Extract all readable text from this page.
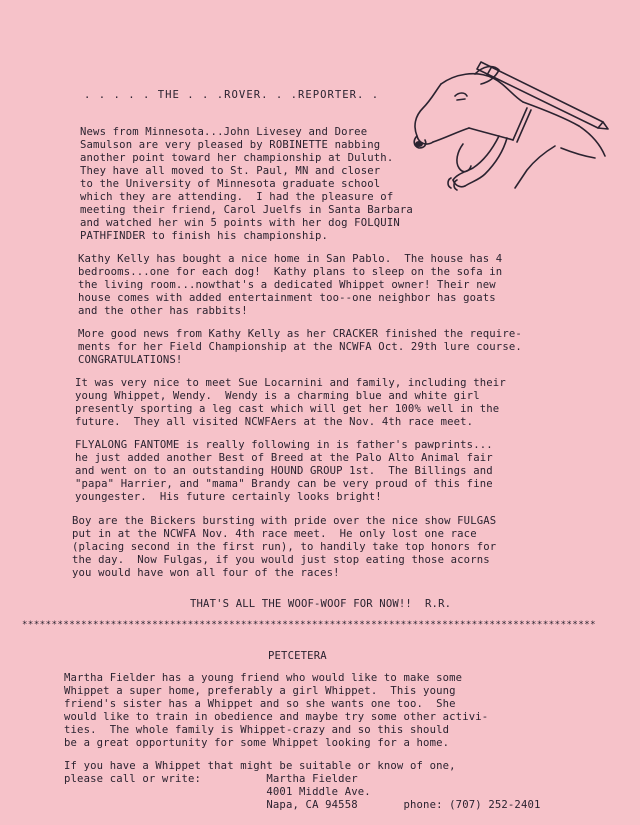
. . . . . THE . . .ROVER. . .REPORTER. .
News from Minnesota...John Livesey and Doree
Samulson are very pleased by ROBINETTE nabbing
another point toward her championship at Duluth.
They have all moved to St. Paul, MN and closer
to the University of Minnesota graduate school
which they are attending.  I had the pleasure of
meeting their friend, Carol Juelfs in Santa Barbara
and watched her win 5 points with her dog FOLQUIN
PATHFINDER to finish his championship.
Kathy Kelly has bought a nice home in San Pablo.  The house has 4
bedrooms...one for each dog!  Kathy plans to sleep on the sofa in
the living room...nowthat's a dedicated Whippet owner! Their new
house comes with added entertainment too--one neighbor has goats
and the other has rabbits!
More good news from Kathy Kelly as her CRACKER finished the require-
ments for her Field Championship at the NCWFA Oct. 29th lure course.
CONGRATULATIONS!
It was very nice to meet Sue Locarnini and family, including their
young Whippet, Wendy.  Wendy is a charming blue and white girl
presently sporting a leg cast which will get her 100% well in the
future.  They all visited NCWFAers at the Nov. 4th race meet.
FLYALONG FANTOME is really following in is father's pawprints...
he just added another Best of Breed at the Palo Alto Animal fair
and went on to an outstanding HOUND GROUP 1st.  The Billings and
"papa" Harrier, and "mama" Brandy can be very proud of this fine
youngester.  His future certainly looks bright!
Boy are the Bickers bursting with pride over the nice show FULGAS
put in at the NCWFA Nov. 4th race meet.  He only lost one race
(placing second in the first run), to handily take top honors for
the day.  Now Fulgas, if you would just stop eating those acorns
you would have won all four of the races!
THAT'S ALL THE WOOF-WOOF FOR NOW!!  R.R.
*************************************************************************************************
PETCETERA
Martha Fielder has a young friend who would like to make some
Whippet a super home, preferably a girl Whippet.  This young
friend's sister has a Whippet and so she wants one too.  She
would like to train in obedience and maybe try some other activi-
ties.  The whole family is Whippet-crazy and so this should
be a great opportunity for some Whippet looking for a home.
If you have a Whippet that might be suitable or know of one,
please call or write:          Martha Fielder
4001 Middle Ave.
Napa, CA 94558       phone: (707) 252-2401
